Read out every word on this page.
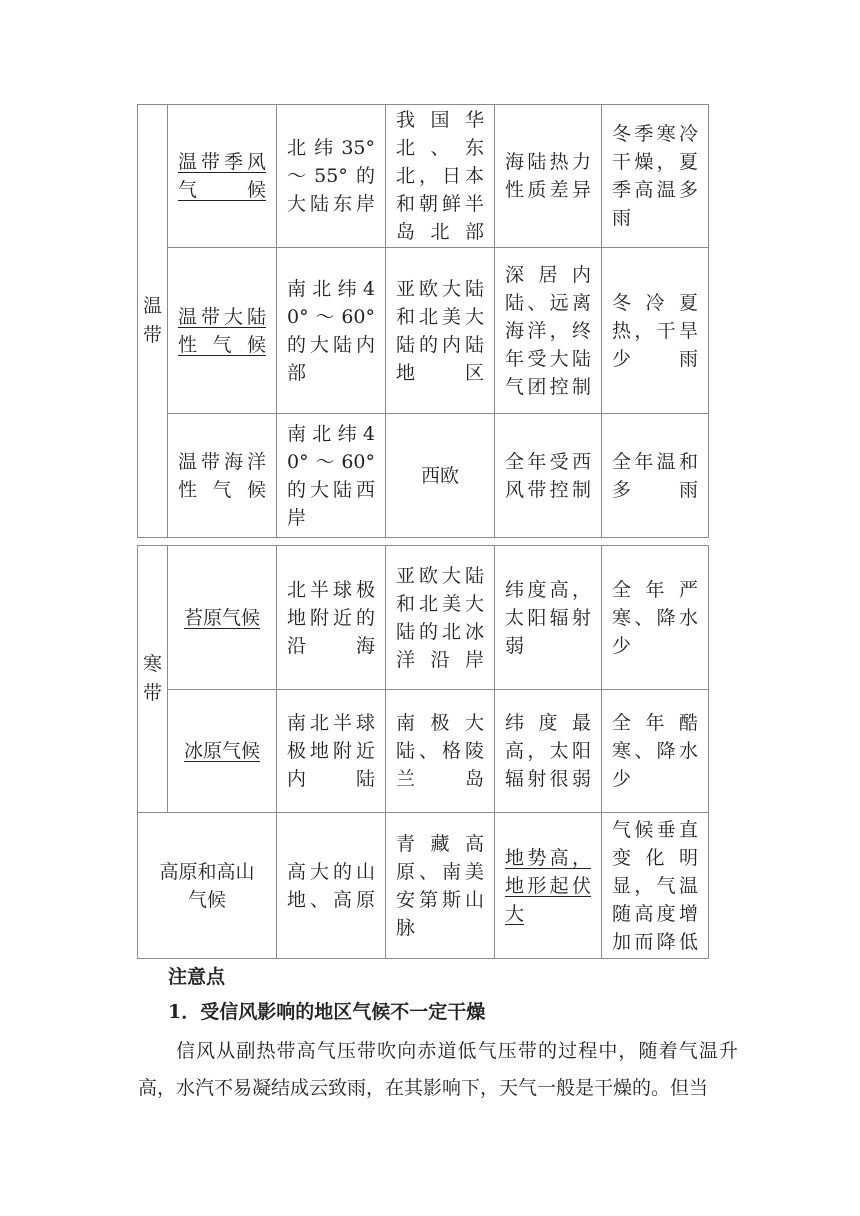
温带	温带季风气候	北纬35°～55°的大陆东岸	我国华北、东北，日本和朝鲜半岛北部	海陆热力性质差异	冬季寒冷干燥，夏季高温多雨

	温带大陆性气候	南北纬40°～60°的大陆内部	亚欧大陆和北美大陆的内陆地区	深居内陆、远离海洋，终年受大陆气团控制	冬冷夏热，干旱少雨

	温带海洋性气候	南北纬40°～60°的大陆西岸	西欧	全年受西风带控制	全年温和多雨
寒带	苔原气候	北半球极地附近的沿海	亚欧大陆和北美大陆的北冰洋沿岸	纬度高，太阳辐射弱	全年严寒、降水少

	冰原气候	南北半球极地附近内陆	南极大陆、格陵兰岛	纬度最高，太阳辐射很弱	全年酷寒、降水少

高原和高山气候		高大的山地、高原	青藏高原、南美安第斯山脉	地势高，地形起伏大	气候垂直变化明显，气温随高度增加而降低
注意点
1．受信风影响的地区气候不一定干燥
信风从副热带高气压带吹向赤道低气压带的过程中，随着气温升高，水汽不易凝结成云致雨，在其影响下，天气一般是干燥的。但当
